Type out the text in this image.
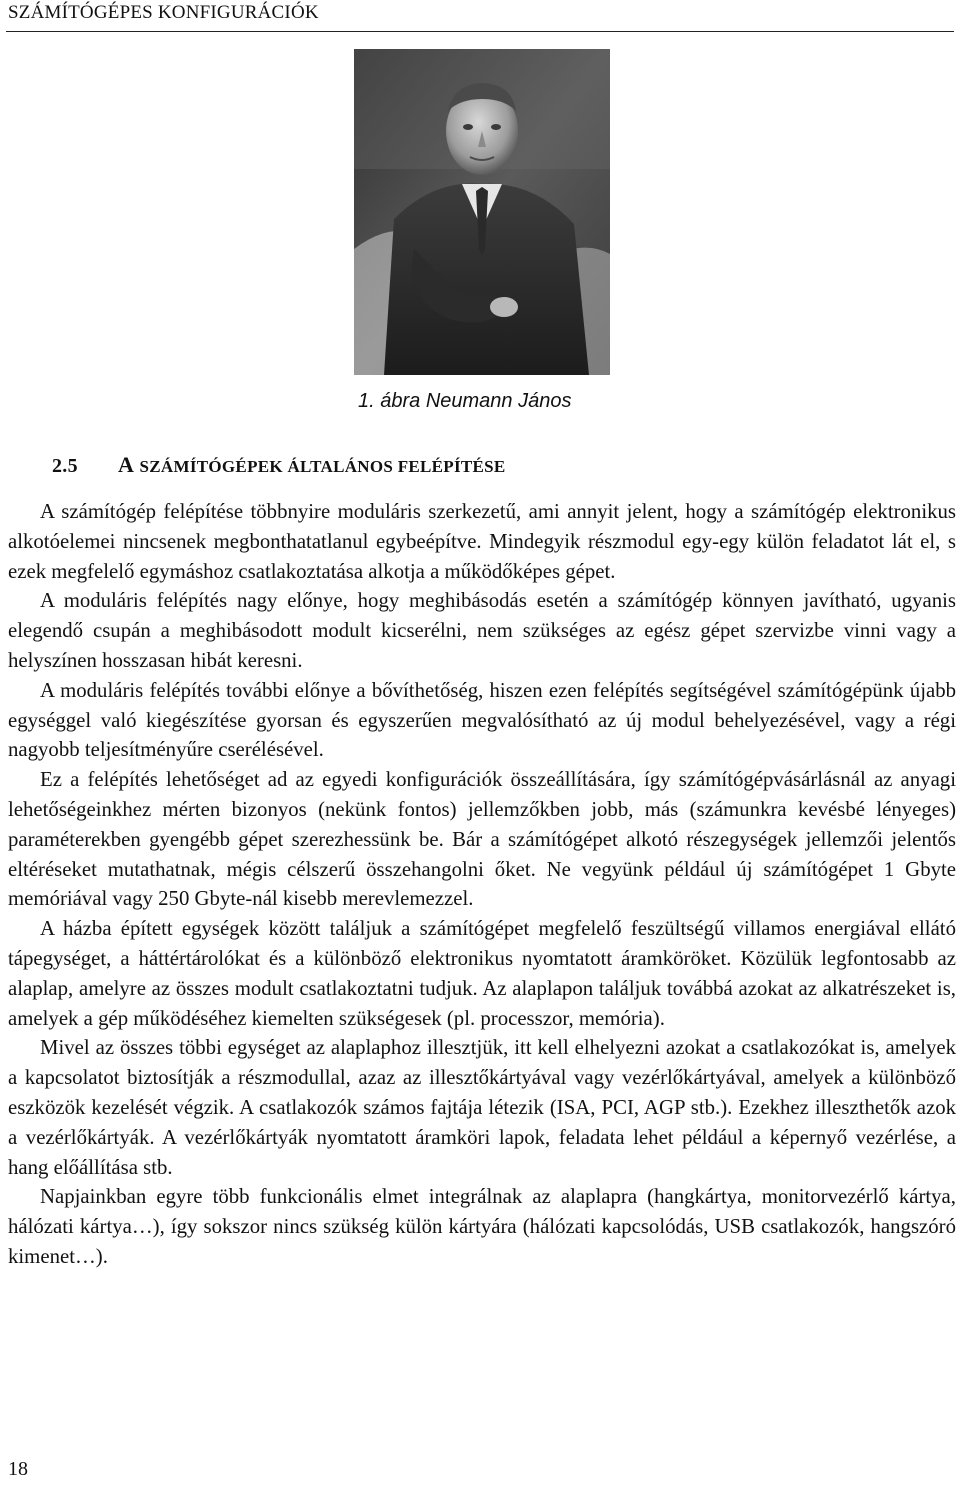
SZÁMÍTÓGÉPES KONFIGURÁCIÓK
1. ábra Neumann János
2.5 A SZÁMÍTÓGÉPEK ÁLTALÁNOS FELÉPÍTÉSE

A számítógép felépítése többnyire moduláris szerkezetű, ami annyit jelent, hogy a számítógép elektronikus alkotóelemei nincsenek megbonthatatlanul egybeépítve. Mindegyik részmodul egy-egy külön feladatot lát el, s ezek megfelelő egymáshoz csatlakoztatása alkotja a működőképes gépet.

A moduláris felépítés nagy előnye, hogy meghibásodás esetén a számítógép könnyen javítható, ugyanis elegendő csupán a meghibásodott modult kicserélni, nem szükséges az egész gépet szervizbe vinni vagy a helyszínen hosszasan hibát keresni.

A moduláris felépítés további előnye a bővíthetőség, hiszen ezen felépítés segítségével számítógépünk újabb egységgel való kiegészítése gyorsan és egyszerűen megvalósítható az új modul behelyezésével, vagy a régi nagyobb teljesítményűre cserélésével.

Ez a felépítés lehetőséget ad az egyedi konfigurációk összeállítására, így számítógépvásárlásnál az anyagi lehetőségeinkhez mérten bizonyos (nekünk fontos) jellemzőkben jobb, más (számunkra kevésbé lényeges) paraméterekben gyengébb gépet szerezhessünk be. Bár a számítógépet alkotó részegységek jellemzői jelentős eltéréseket mutathatnak, mégis célszerű összehangolni őket. Ne vegyünk például új számítógépet 1 Gbyte memóriával vagy 250 Gbyte-nál kisebb merevlemezzel.

A házba épített egységek között találjuk a számítógépet megfelelő feszültségű villamos energiával ellátó tápegységet, a háttértárolókat és a különböző elektronikus nyomtatott áramköröket. Közülük legfontosabb az alaplap, amelyre az összes modult csatlakoztatni tudjuk. Az alaplapon találjuk továbbá azokat az alkatrészeket is, amelyek a gép működéséhez kiemelten szükségesek (pl. processzor, memória).

Mivel az összes többi egységet az alaplaphoz illesztjük, itt kell elhelyezni azokat a csatlakozókat is, amelyek a kapcsolatot biztosítják a részmodullal, azaz az illesztőkártyával vagy vezérlőkártyával, amelyek a különböző eszközök kezelését végzik. A csatlakozók számos fajtája létezik (ISA, PCI, AGP stb.). Ezekhez illeszthetők azok a vezérlőkártyák. A vezérlőkártyák nyomtatott áramköri lapok, feladata lehet például a képernyő vezérlése, a hang előállítása stb.

Napjainkban egyre több funkcionális elmet integrálnak az alaplapra (hangkártya, monitorvezérlő kártya, hálózati kártya…), így sokszor nincs szükség külön kártyára (hálózati kapcsolódás, USB csatlakozók, hangszóró kimenet…).

18
